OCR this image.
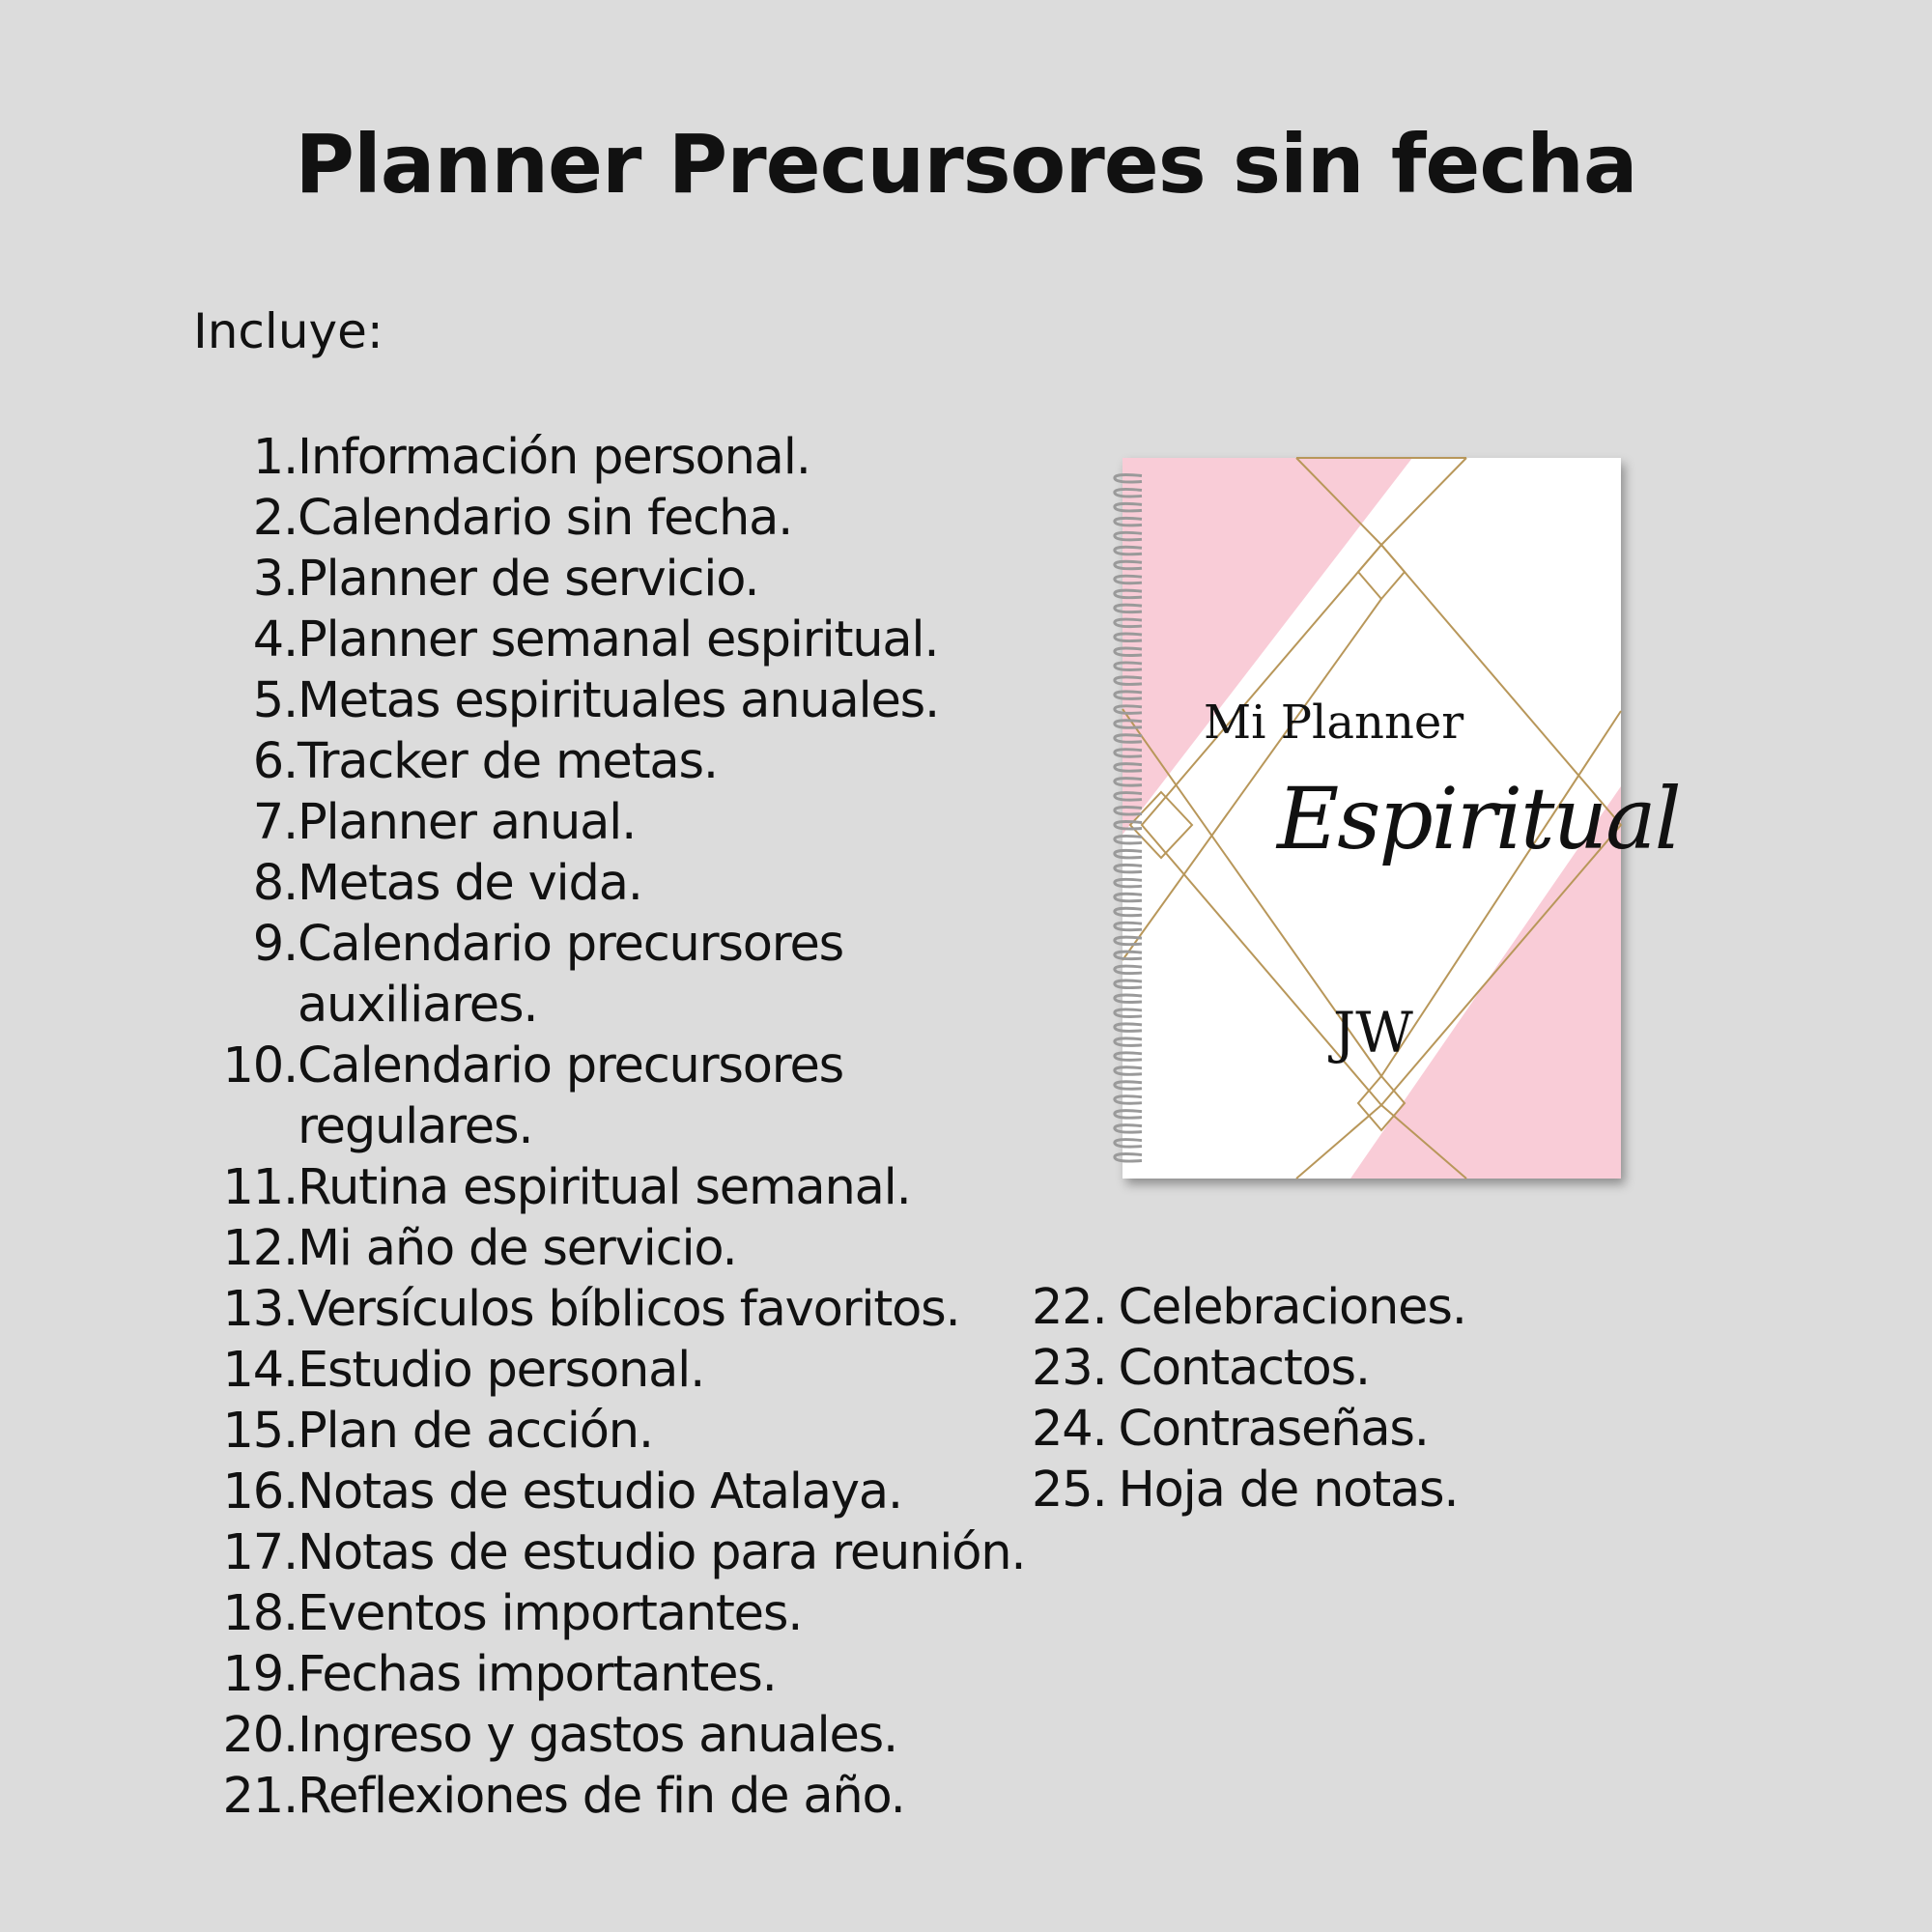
Planner Precursores sin fecha
Incluye:
1. Información personal.
2. Calendario sin fecha.
3. Planner de servicio.
4. Planner semanal espiritual.
5. Metas espirituales anuales.
6. Tracker de metas.
7. Planner anual.
8. Metas de vida.
9. Calendario precursores auxiliares.
10. Calendario precursores regulares.
11. Rutina espiritual semanal.
12. Mi año de servicio.
13. Versículos bíblicos favoritos.
14. Estudio personal.
15. Plan de acción.
16. Notas de estudio Atalaya.
17. Notas de estudio para reunión.
18. Eventos importantes.
19. Fechas importantes.
20. Ingreso y gastos anuales.
21. Reflexiones de fin de año.
22. Celebraciones.
23. Contactos.
24. Contraseñas.
25. Hoja de notas.
Mi Planner
Espiritual
JW
